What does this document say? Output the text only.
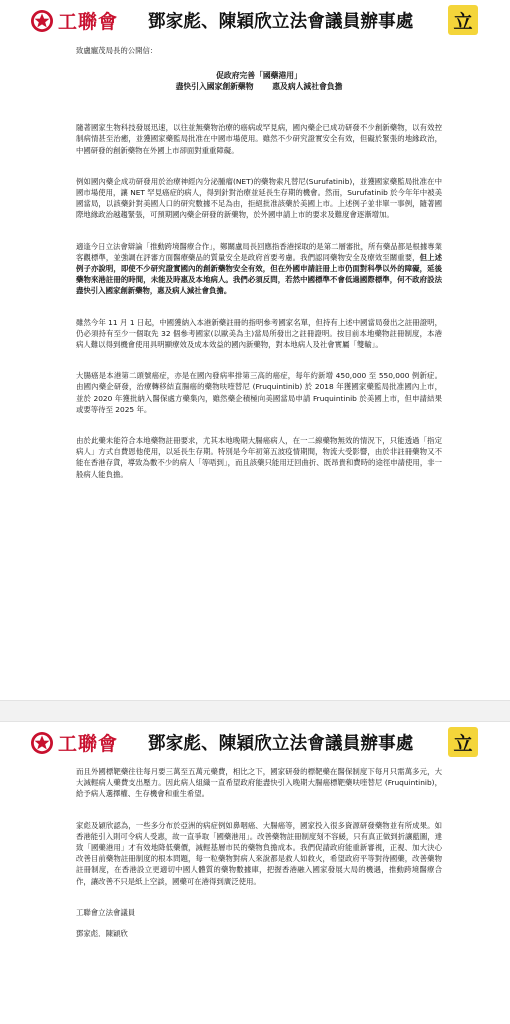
工聯會 鄧家彪、陳穎欣立法會議員辦事處 立
致盧寵茂局長的公開信：
促政府完善「國藥港用」
盡快引入國家創新藥物 惠及病人減社會負擔

隨著國家生物科技發展迅速，以往並無藥物治療的癌病或罕見病，國內藥企已成功研發不少創新藥物，以有效控制病情甚至治癒，並獲國家藥監局批准在中國市場使用。雖然不少研究證實安全有效，但礙於緊張的地緣政治，中國研發的創新藥物在外國上市卻面對重重障礙。

例如國內藥企成功研發用於治療神經內分泌腫瘤(NET)的藥物索凡替尼(Surufatinib)，並獲國家藥監局批准在中國市場使用，讓 NET 罕見癌症的病人，得到針對治療並延長生存期的機會。然而，Surufatinib 於今年年中被美國當局，以該藥針對美國人口的研究數據不足為由，拒絕批准該藥於美國上市。上述例子並非單一事例，隨著國際地緣政治越趨緊張，可預期國內藥企研發的新藥物，於外國申請上市的要求及難度會逐漸增加。

適逢今日立法會辯論「推動跨境醫療合作」，鄭關盧局長回應指香港採取的是第二層審批，所有藥品都是根據專業客觀標準，並強調在評審方面醫療藥品的質量安全是政府首要考慮。我們認同藥物安全及療效至關重要，但上述例子亦說明，即使不少研究證實國內的創新藥物安全有效，但在外國申請註冊上市仍面對科學以外的障礙，延後藥物來港註冊的時間，未能及時惠及本地病人。我們必須反問，若然中國標準不會低過國際標準，何不政府設法盡快引入國家創新藥物，惠及病人減社會負擔。

雖然今年 11 月 1 日起，中國獲納入本港新藥註冊的指明參考國家名單，但持有上述中國當局發出之註冊證明，仍必須持有至少一個取先 32 個參考國家(以歐美為主)當局所發出之註冊證明。按目前本地藥物註冊制度，本港病人難以得到機會使用具明顯療效及成本效益的國內新藥物，對本地病人及社會實屬「雙輸」。

大腸癌是本港第二頭號癌症，亦是在國內發病率排第三高的癌症，每年約新增 450,000 至 550,000 例新症。由國內藥企研發，治療轉移結直腸癌的藥物呋喹替尼 (Fruquintinib) 於 2018 年獲國家藥監局批准國內上市，並於 2020 年獲批納入醫保處方藥集內，雖然藥企積極向美國當局申請 Fruquintinib 於美國上市，但申請結果或要等待至 2025 年。

由於此藥未能符合本地藥物註冊要求，尤其本地晚期大腸癌病人，在一二線藥物無效的情況下，只能透過「指定病人」方式自費恩他使用，以延長生存期。特別是今年初第五波疫情期間，物流大受影響，由於非註冊藥物又不能在香港存貨，導致為數不少的病人「等唔到」，而且該藥只能用迂回曲折、既昂貴和費時的途徑申請使用，非一般病人能負擔。

工聯會 鄧家彪、陳穎欣立法會議員辦事處 立

而且外國標靶藥往往每月要三萬至五萬元藥費，相比之下，國家研發的標靶藥在醫保制度下每月只需萬多元，大大減輕病人藥費支出壓力。因此病人組織一直希望政府能盡快引入晚期大腸癌標靶藥呋喹替尼 (Fruquintinib)，給予病人選擇權、生存機會和重生希望。

家彪及穎欣認為，一些多分布於亞洲的病症例如鼻咽癌、大腸癌等，國家投入很多資源研發藥物並有所成果。如香港能引入則可令病人受惠，故一直爭取「國藥港用」。改善藥物註冊制度刻不容緩，只有真正做到折讓藍圖，達致「國藥港用」才有效地降低藥價，減輕基層市民的藥物負擔成本。我們促請政府能重新審視，正視、加大決心改善目前藥物註冊制度的根本問題，每一粒藥物對病人來說都是救人如救火，希望政府平等對待國藥，改善藥物註冊制度，在香港設立更適切中國人體質的藥物數據庫，把握香港融入國家發展大局的機遇，推動跨境醫療合作，讓改善不只是紙上空談，國藥可在港得到廣泛使用。

工聯會立法會議員
鄧家彪．陳穎欣
